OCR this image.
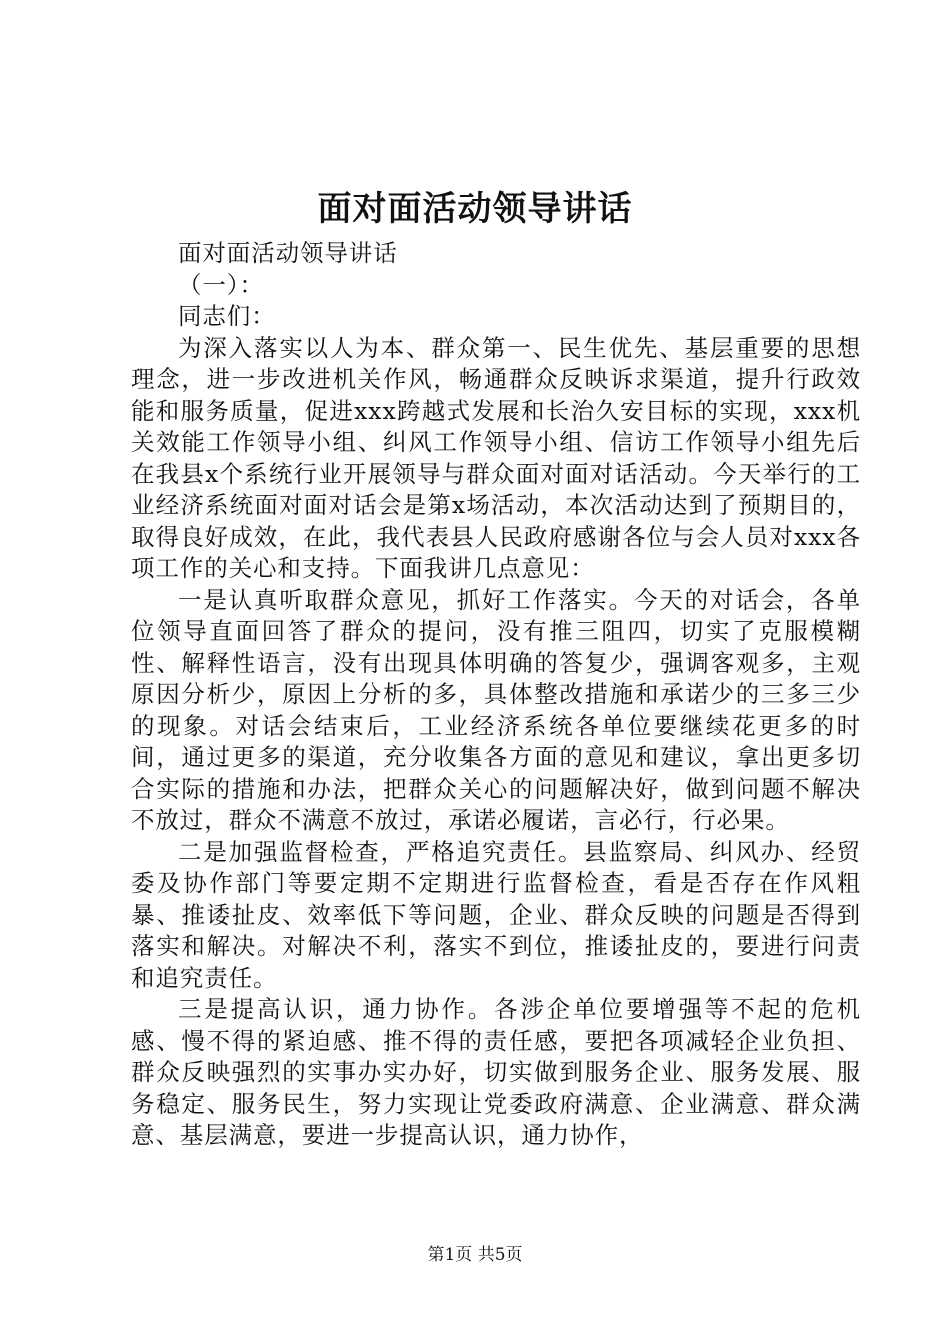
面对面活动领导讲话

面对面活动领导讲话

（一）：

同志们：

为深入落实以人为本、群众第一、民生优先、基层重要的思想理念，进一步改进机关作风，畅通群众反映诉求渠道，提升行政效能和服务质量，促进xxx跨越式发展和长治久安目标的实现，xxx机关效能工作领导小组、纠风工作领导小组、信访工作领导小组先后在我县x个系统行业开展领导与群众面对面对话活动。今天举行的工业经济系统面对面对话会是第x场活动，本次活动达到了预期目的，取得良好成效，在此，我代表县人民政府感谢各位与会人员对xxx各项工作的关心和支持。下面我讲几点意见：

一是认真听取群众意见，抓好工作落实。今天的对话会，各单位领导直面回答了群众的提问，没有推三阻四，切实了克服模糊性、解释性语言，没有出现具体明确的答复少，强调客观多，主观原因分析少，原因上分析的多，具体整改措施和承诺少的三多三少的现象。对话会结束后，工业经济系统各单位要继续花更多的时间，通过更多的渠道，充分收集各方面的意见和建议，拿出更多切合实际的措施和办法，把群众关心的问题解决好，做到问题不解决不放过，群众不满意不放过，承诺必履诺，言必行，行必果。

二是加强监督检查，严格追究责任。县监察局、纠风办、经贸委及协作部门等要定期不定期进行监督检查，看是否存在作风粗暴、推诿扯皮、效率低下等问题，企业、群众反映的问题是否得到落实和解决。对解决不利，落实不到位，推诿扯皮的，要进行问责和追究责任。

三是提高认识，通力协作。各涉企单位要增强等不起的危机感、慢不得的紧迫感、推不得的责任感，要把各项减轻企业负担、群众反映强烈的实事办实办好，切实做到服务企业、服务发展、服务稳定、服务民生，努力实现让党委政府满意、企业满意、群众满意、基层满意，要进一步提高认识，通力协作，

第1页 共5页
